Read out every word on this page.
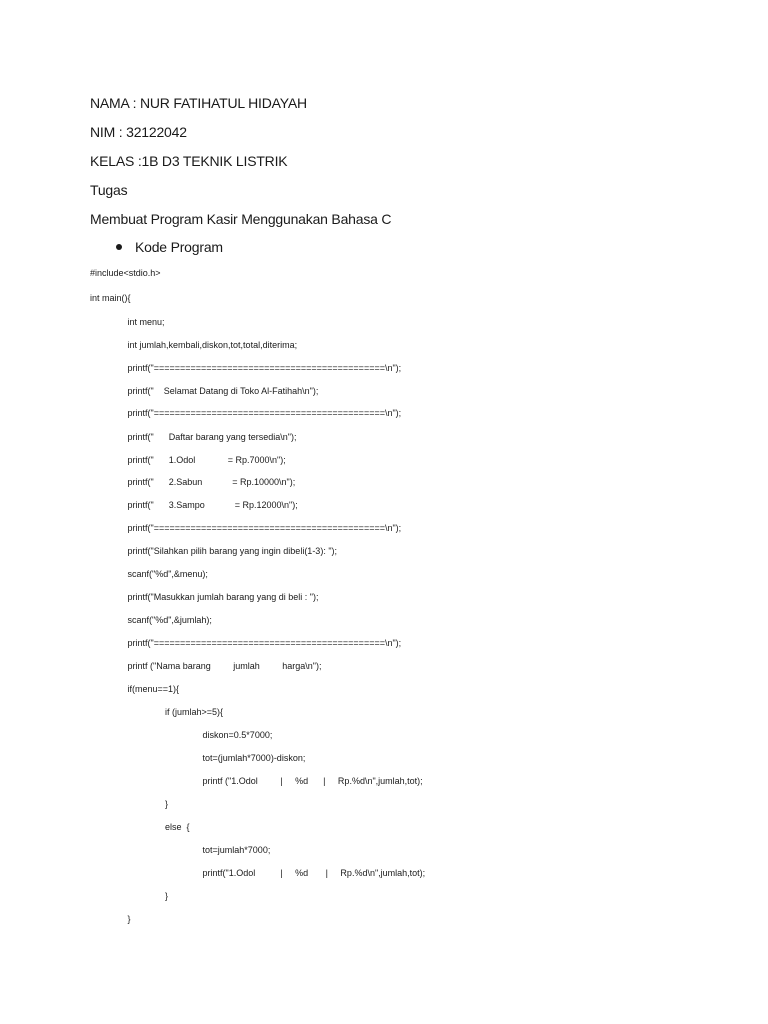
NAMA : NUR FATIHATUL HIDAYAH
NIM : 32122042
KELAS :1B D3 TEKNIK LISTRIK
Tugas
Membuat Program Kasir Menggunakan Bahasa C
Kode Program
#include<stdio.h>
int main(){
int menu;
int jumlah,kembali,diskon,tot,total,diterima;
printf("============================================\n");
printf("    Selamat Datang di Toko Al-Fatihah\n");
printf("============================================\n");
printf("      Daftar barang yang tersedia\n");
printf("      1.Odol             = Rp.7000\n");
printf("      2.Sabun            = Rp.10000\n");
printf("      3.Sampo            = Rp.12000\n");
printf("============================================\n");
printf("Silahkan pilih barang yang ingin dibeli(1-3): ");
scanf("%d",&menu);
printf("Masukkan jumlah barang yang di beli : ");
scanf("%d",&jumlah);
printf("============================================\n");
printf ("Nama barang         jumlah         harga\n");
if(menu==1){
if (jumlah>=5){
diskon=0.5*7000;
tot=(jumlah*7000)-diskon;
printf ("1.Odol         |     %d      |     Rp.%d\n",jumlah,tot);
}
else  {
tot=jumlah*7000;
printf("1.Odol          |     %d       |     Rp.%d\n",jumlah,tot);
}
}
